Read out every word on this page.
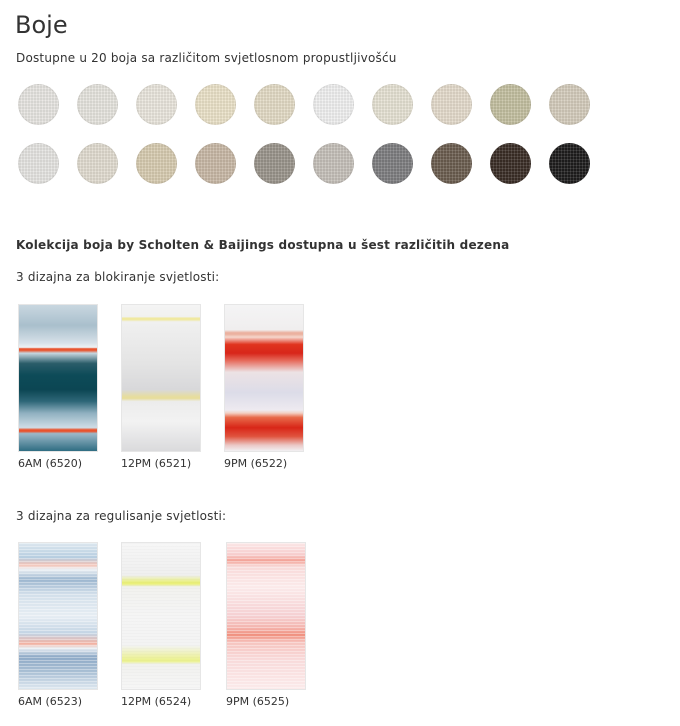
Boje
Dostupne u 20 boja sa različitom svjetlosnom propustljivošću
Kolekcija boja by Scholten & Baijings dostupna u šest različitih dezena
3 dizajna za blokiranje svjetlosti:
6AM (6520)	12PM (6521)	9PM (6522)
3 dizajna za regulisanje svjetlosti:
6AM (6523)	12PM (6524)	9PM (6525)
